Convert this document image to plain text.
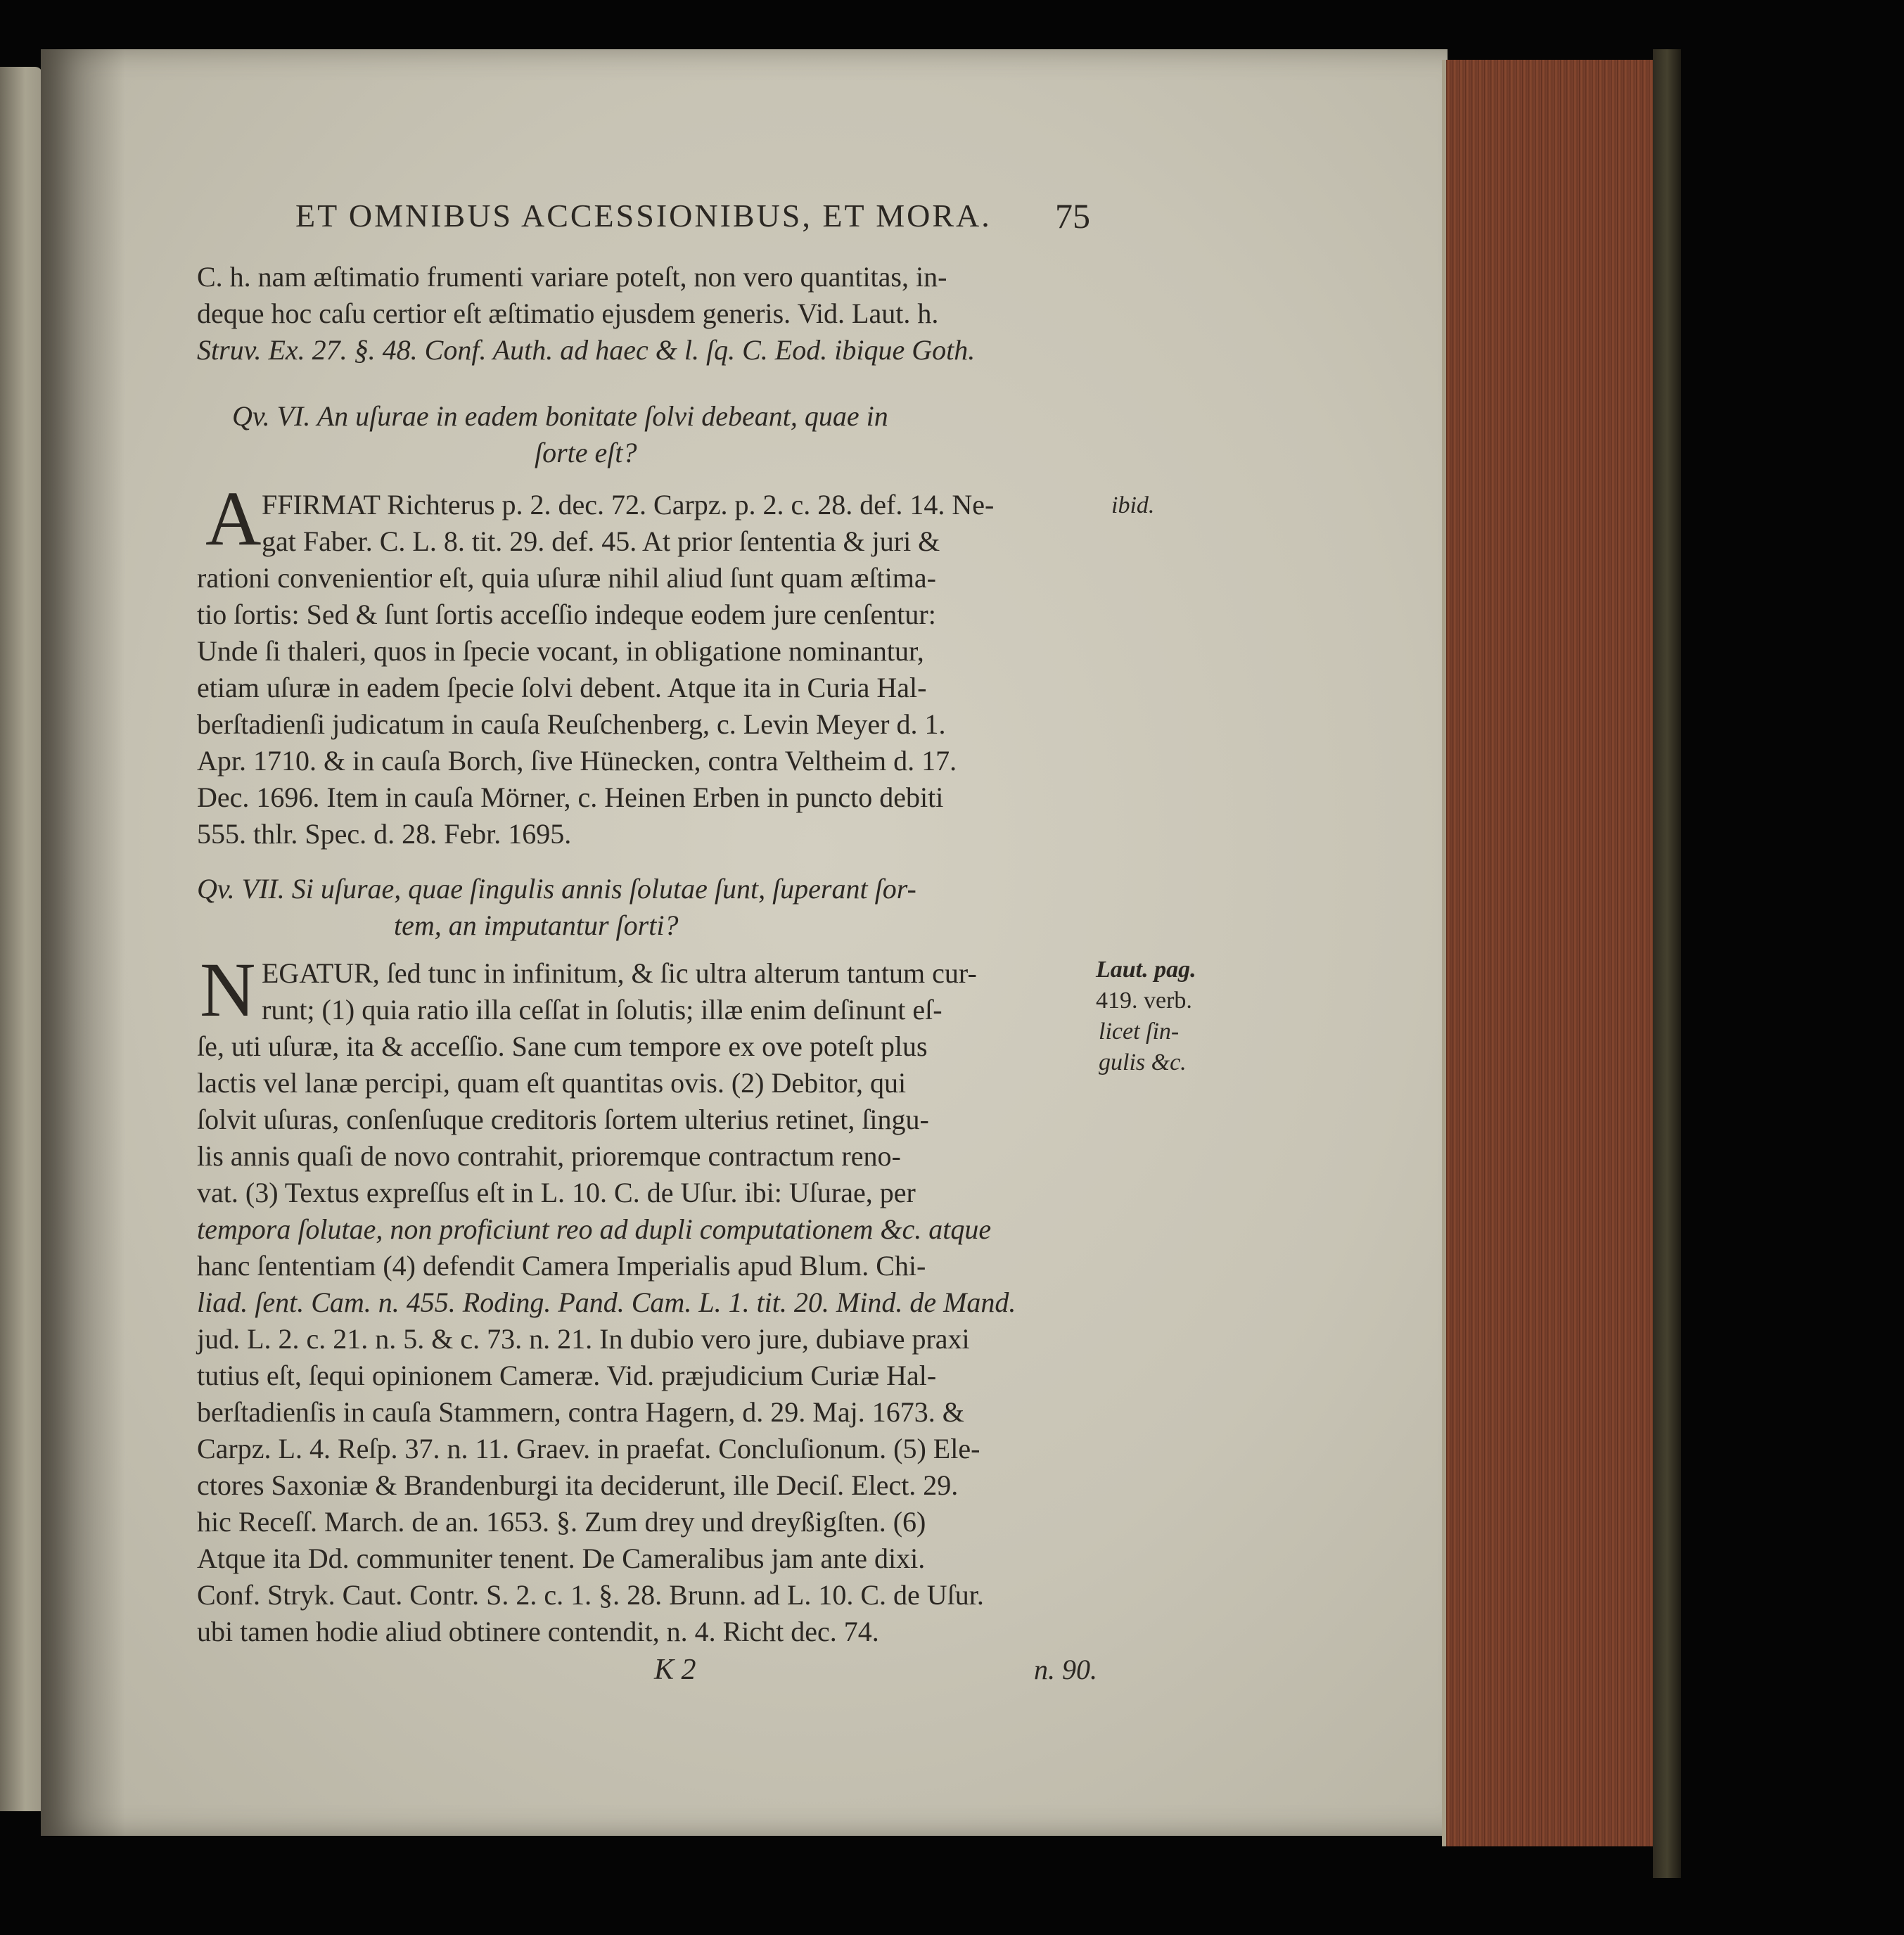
ET OMNIBUS ACCESSIONIBUS, ET MORA. 75
C. h. nam æſtimatio frumenti variare poteſt, non vero quantitas, in-
deque hoc caſu certior eſt æſtimatio ejusdem generis. Vid. Laut. h.
Struv. Ex. 27. §. 48. Conf. Auth. ad haec & l. ſq. C. Eod. ibique Goth.
Qv. VI. An uſurae in eadem bonitate ſolvi debeant, quae in
ſorte eſt?
A FFIRMAT Richterus p. 2. dec. 72. Carpz. p. 2. c. 28. def. 14. Ne-
gat Faber. C. L. 8. tit. 29. def. 45. At prior ſententia & juri &
rationi convenientior eſt, quia uſuræ nihil aliud ſunt quam æſtima-
tio ſortis: Sed & ſunt ſortis acceſſio indeque eodem jure cenſentur:
Unde ſi thaleri, quos in ſpecie vocant, in obligatione nominantur,
etiam uſuræ in eadem ſpecie ſolvi debent. Atque ita in Curia Hal-
berſtadienſi judicatum in cauſa Reuſchenberg, c. Levin Meyer d. 1.
Apr. 1710. & in cauſa Borch, ſive Hünecken, contra Veltheim d. 17.
Dec. 1696. Item in cauſa Mörner, c. Heinen Erben in puncto debiti
555. thlr. Spec. d. 28. Febr. 1695.
Qv. VII. Si uſurae, quae ſingulis annis ſolutae ſunt, ſuperant ſor-
tem, an imputantur ſorti?
N EGATUR, ſed tunc in infinitum, & ſic ultra alterum tantum cur-
runt; (1) quia ratio illa ceſſat in ſolutis; illæ enim deſinunt eſ-
ſe, uti uſuræ, ita & acceſſio. Sane cum tempore ex ove poteſt plus
lactis vel lanæ percipi, quam eſt quantitas ovis. (2) Debitor, qui
ſolvit uſuras, conſenſuque creditoris ſortem ulterius retinet, ſingu-
lis annis quaſi de novo contrahit, prioremque contractum reno-
vat. (3) Textus expreſſus eſt in L. 10. C. de Uſur. ibi: Uſurae, per
tempora ſolutae, non proficiunt reo ad dupli computationem &c. atque
hanc ſententiam (4) defendit Camera Imperialis apud Blum. Chi-
liad. ſent. Cam. n. 455. Roding. Pand. Cam. L. 1. tit. 20. Mind. de Mand.
jud. L. 2. c. 21. n. 5. & c. 73. n. 21. In dubio vero jure, dubiave praxi
tutius eſt, ſequi opinionem Cameræ. Vid. præjudicium Curiæ Hal-
berſtadienſis in cauſa Stammern, contra Hagern, d. 29. Maj. 1673. &
Carpz. L. 4. Reſp. 37. n. 11. Graev. in praefat. Concluſionum. (5) Ele-
ctores Saxoniæ & Brandenburgi ita deciderunt, ille Deciſ. Elect. 29.
hic Receſſ. March. de an. 1653. §. Zum drey und dreyßigſten. (6)
Atque ita Dd. communiter tenent. De Cameralibus jam ante dixi.
Conf. Stryk. Caut. Contr. S. 2. c. 1. §. 28. Brunn. ad L. 10. C. de Uſur.
ubi tamen hodie aliud obtinere contendit, n. 4. Richt dec. 74.
K 2	n. 90.
ibid.
Laut. pag.
419. verb.
licet ſin-
gulis &c.
